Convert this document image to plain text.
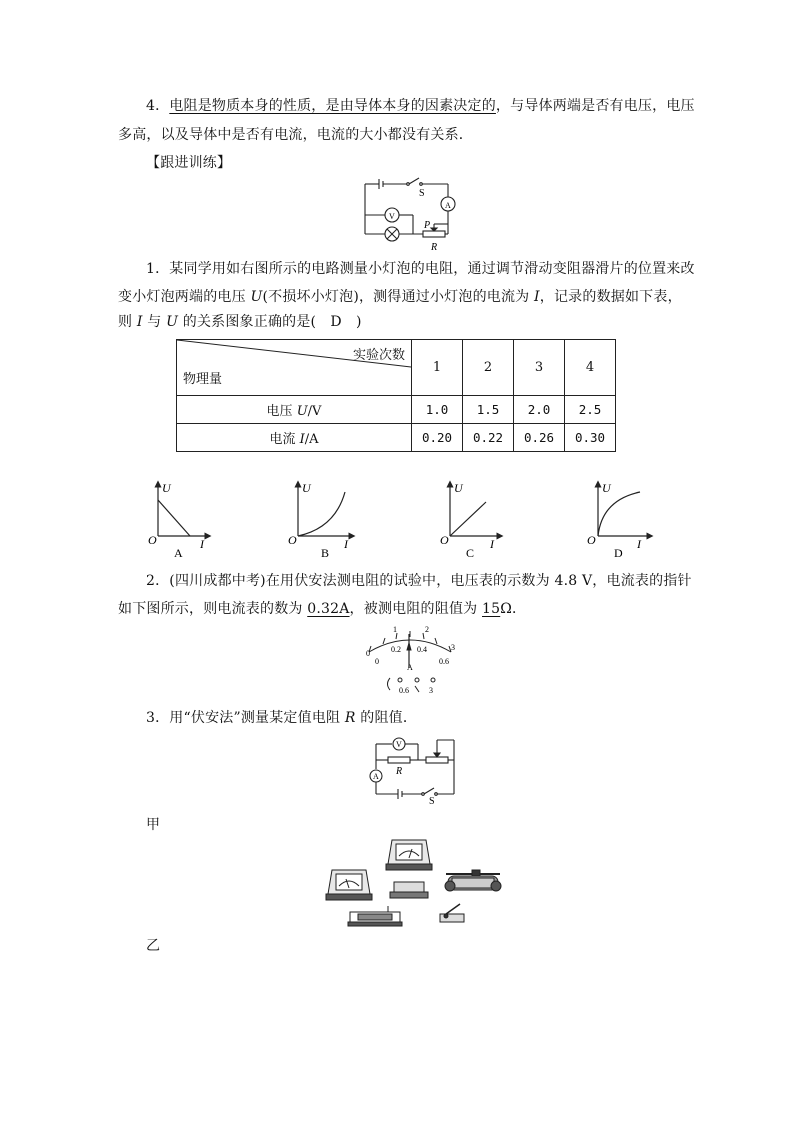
4．电阻是物质本身的性质，是由导体本身的因素决定的，与导体两端是否有电压，电压
多高，以及导体中是否有电流，电流的大小都没有关系．
【跟进训练】
S
A
V
P
R
1．某同学用如右图所示的电路测量小灯泡的电阻，通过调节滑动变阻器滑片的位置来改
变小灯泡两端的电压 U(不损坏小灯泡)，测得通过小灯泡的电流为 I，记录的数据如下表，
则 I 与 U 的关系图象正确的是(　D　)
实验次数
物理量	1	2	3	4
电压 U/V	1.0	1.5	2.0	2.5
电流 I/A	0.20	0.22	0.26	0.30
U
I
O
A
U
I
O
B
U
I
O
C
U
I
O
D
2．(四川成都中考)在用伏安法测电阻的试验中，电压表的示数为 4.8 V，电流表的指针
如下图所示，则电流表的数为 0.32A，被测电阻的阻值为 15Ω．
0
1	2
3
0
0.2 0.4
0.6
A
0.6	3
3．用“伏安法”测量某定值电阻 R 的阻值．
V
A R
S
甲
乙
